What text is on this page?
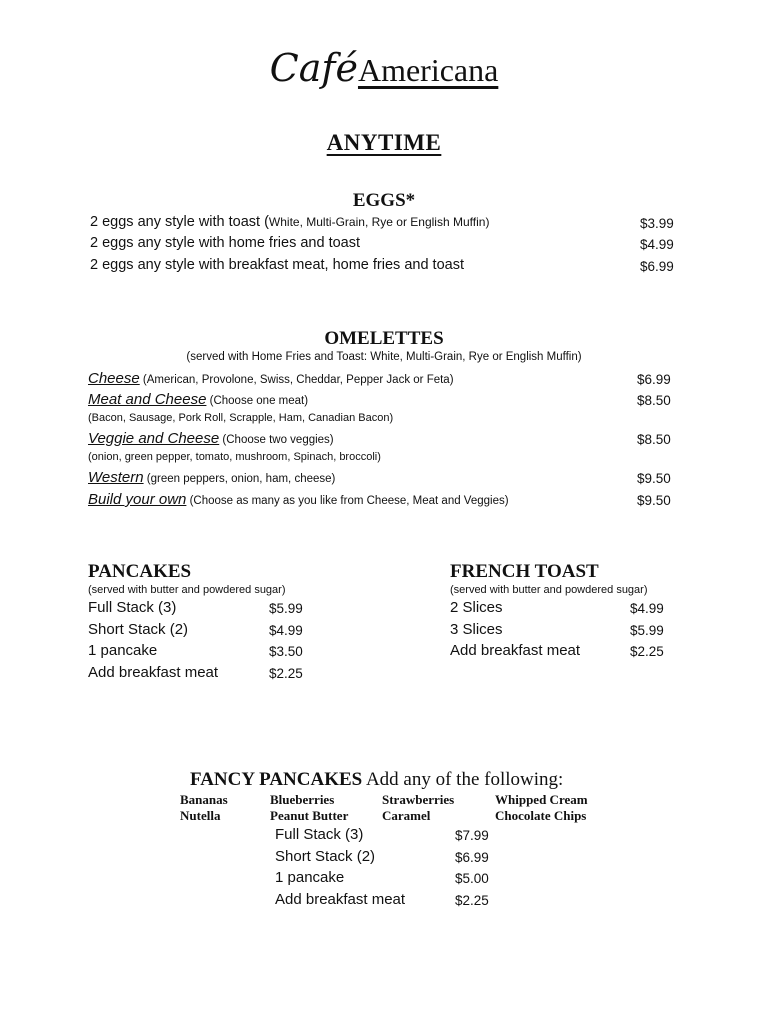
CaféAmericana
ANYTIME
EGGS*
2 eggs any style with toast (White, Multi-Grain, Rye or English Muffin)	$3.99
2 eggs any style with home fries and toast	$4.99
2 eggs any style with breakfast meat, home fries and toast	$6.99
OMELETTES
(served with Home Fries and Toast: White, Multi-Grain, Rye or English Muffin)
Cheese (American, Provolone, Swiss, Cheddar, Pepper Jack or Feta)	$6.99
Meat and Cheese (Choose one meat)	$8.50
(Bacon, Sausage, Pork Roll, Scrapple, Ham, Canadian Bacon)
Veggie and Cheese (Choose two veggies)	$8.50
(onion, green pepper, tomato, mushroom, Spinach, broccoli)
Western (green peppers, onion, ham, cheese)	$9.50
Build your own (Choose as many as you like from Cheese, Meat and Veggies)	$9.50
PANCAKES
(served with butter and powdered sugar)
Full Stack (3)	$5.99
Short Stack (2)	$4.99
1 pancake	$3.50
Add breakfast meat	$2.25
FRENCH TOAST
(served with butter and powdered sugar)
2 Slices	$4.99
3 Slices	$5.99
Add breakfast meat	$2.25
FANCY PANCAKES Add any of the following:
Bananas	Blueberries	Strawberries	Whipped Cream
Nutella	Peanut Butter	Caramel	Chocolate Chips
Full Stack (3)	$7.99
Short Stack (2)	$6.99
1 pancake	$5.00
Add breakfast meat	$2.25
